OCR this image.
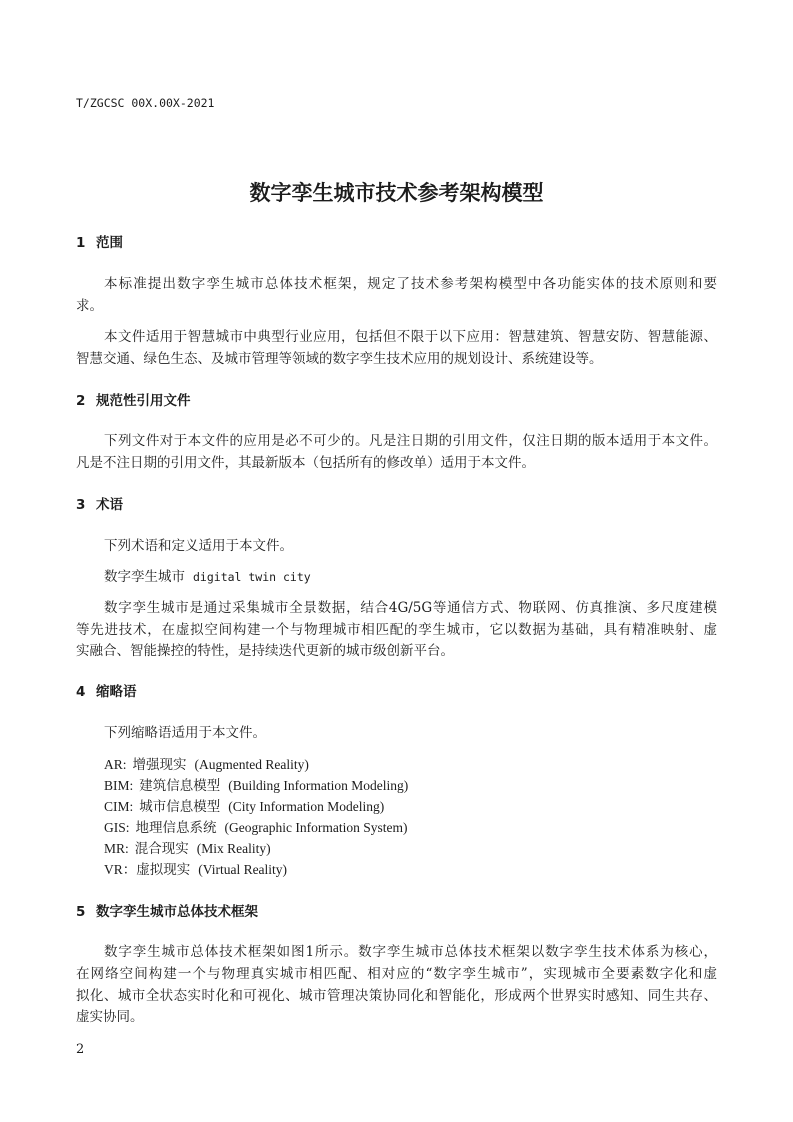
T/ZGCSC 00X.00X-2021
数字孪生城市技术参考架构模型
1 范围
本标准提出数字孪生城市总体技术框架，规定了技术参考架构模型中各功能实体的技术原则和要
求。
本文件适用于智慧城市中典型行业应用，包括但不限于以下应用：智慧建筑、智慧安防、智慧能源、
智慧交通、绿色生态、及城市管理等领域的数字孪生技术应用的规划设计、系统建设等。
2 规范性引用文件
下列文件对于本文件的应用是必不可少的。凡是注日期的引用文件，仅注日期的版本适用于本文件。
凡是不注日期的引用文件，其最新版本（包括所有的修改单）适用于本文件。
3 术语
下列术语和定义适用于本文件。
数字孪生城市 digital twin city
数字孪生城市是通过采集城市全景数据，结合4G/5G等通信方式、物联网、仿真推演、多尺度建模
等先进技术，在虚拟空间构建一个与物理城市相匹配的孪生城市，它以数据为基础，具有精准映射、虚
实融合、智能操控的特性，是持续迭代更新的城市级创新平台。
4 缩略语
下列缩略语适用于本文件。
AR: 增强现实 (Augmented Reality)
BIM: 建筑信息模型 (Building Information Modeling)
CIM: 城市信息模型 (City Information Modeling)
GIS: 地理信息系统 (Geographic Information System)
MR: 混合现实 (Mix Reality)
VR：虚拟现实 (Virtual Reality)
5 数字孪生城市总体技术框架
数字孪生城市总体技术框架如图1所示。数字孪生城市总体技术框架以数字孪生技术体系为核心，
在网络空间构建一个与物理真实城市相匹配、相对应的“数字孪生城市”，实现城市全要素数字化和虚
拟化、城市全状态实时化和可视化、城市管理决策协同化和智能化，形成两个世界实时感知、同生共存、
虚实协同。
2
